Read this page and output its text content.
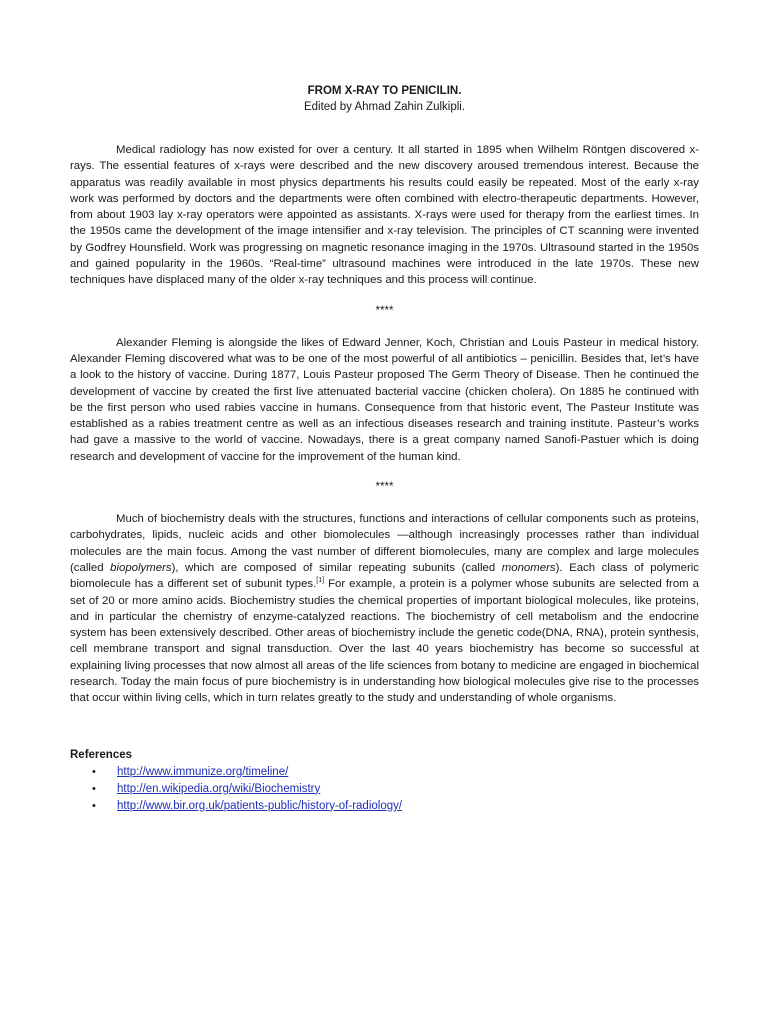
FROM X-RAY TO PENICILIN.

Edited by Ahmad Zahin Zulkipli.

Medical radiology has now existed for over a century. It all started in 1895 when Wilhelm Röntgen discovered x-rays. The essential features of x-rays were described and the new discovery aroused tremendous interest. Because the apparatus was readily available in most physics departments his results could easily be repeated. Most of the early x-ray work was performed by doctors and the departments were often combined with electro-therapeutic departments. However, from about 1903 lay x-ray operators were appointed as assistants. X-rays were used for therapy from the earliest times. In the 1950s came the development of the image intensifier and x-ray television. The principles of CT scanning were invented by Godfrey Hounsfield. Work was progressing on magnetic resonance imaging in the 1970s. Ultrasound started in the 1950s and gained popularity in the 1960s. “Real-time” ultrasound machines were introduced in the late 1970s. These new techniques have displaced many of the older x-ray techniques and this process will continue.

****

Alexander Fleming is alongside the likes of Edward Jenner, Koch, Christian and Louis Pasteur in medical history. Alexander Fleming discovered what was to be one of the most powerful of all antibiotics – penicillin. Besides that, let’s have a look to the history of vaccine. During 1877, Louis Pasteur proposed The Germ Theory of Disease. Then he continued the development of vaccine by created the first live attenuated bacterial vaccine (chicken cholera). On 1885 he continued with be the first person who used rabies vaccine in humans. Consequence from that historic event, The Pasteur Institute was established as a rabies treatment centre as well as an infectious diseases research and training institute. Pasteur’s works had gave a massive to the world of vaccine. Nowadays, there is a great company named Sanofi-Pastuer which is doing research and development of vaccine for the improvement of the human kind.

****

Much of biochemistry deals with the structures, functions and interactions of cellular components such as proteins, carbohydrates, lipids, nucleic acids and other biomolecules —although increasingly processes rather than individual molecules are the main focus. Among the vast number of different biomolecules, many are complex and large molecules (called biopolymers), which are composed of similar repeating subunits (called monomers). Each class of polymeric biomolecule has a different set of subunit types.[1] For example, a protein is a polymer whose subunits are selected from a set of 20 or more amino acids. Biochemistry studies the chemical properties of important biological molecules, like proteins, and in particular the chemistry of enzyme-catalyzed reactions. The biochemistry of cell metabolism and the endocrine system has been extensively described. Other areas of biochemistry include the genetic code(DNA, RNA), protein synthesis, cell membrane transport and signal transduction. Over the last 40 years biochemistry has become so successful at explaining living processes that now almost all areas of the life sciences from botany to medicine are engaged in biochemical research. Today the main focus of pure biochemistry is in understanding how biological molecules give rise to the processes that occur within living cells, which in turn relates greatly to the study and understanding of whole organisms.

References

• http://www.immunize.org/timeline/
• http://en.wikipedia.org/wiki/Biochemistry
• http://www.bir.org.uk/patients-public/history-of-radiology/
